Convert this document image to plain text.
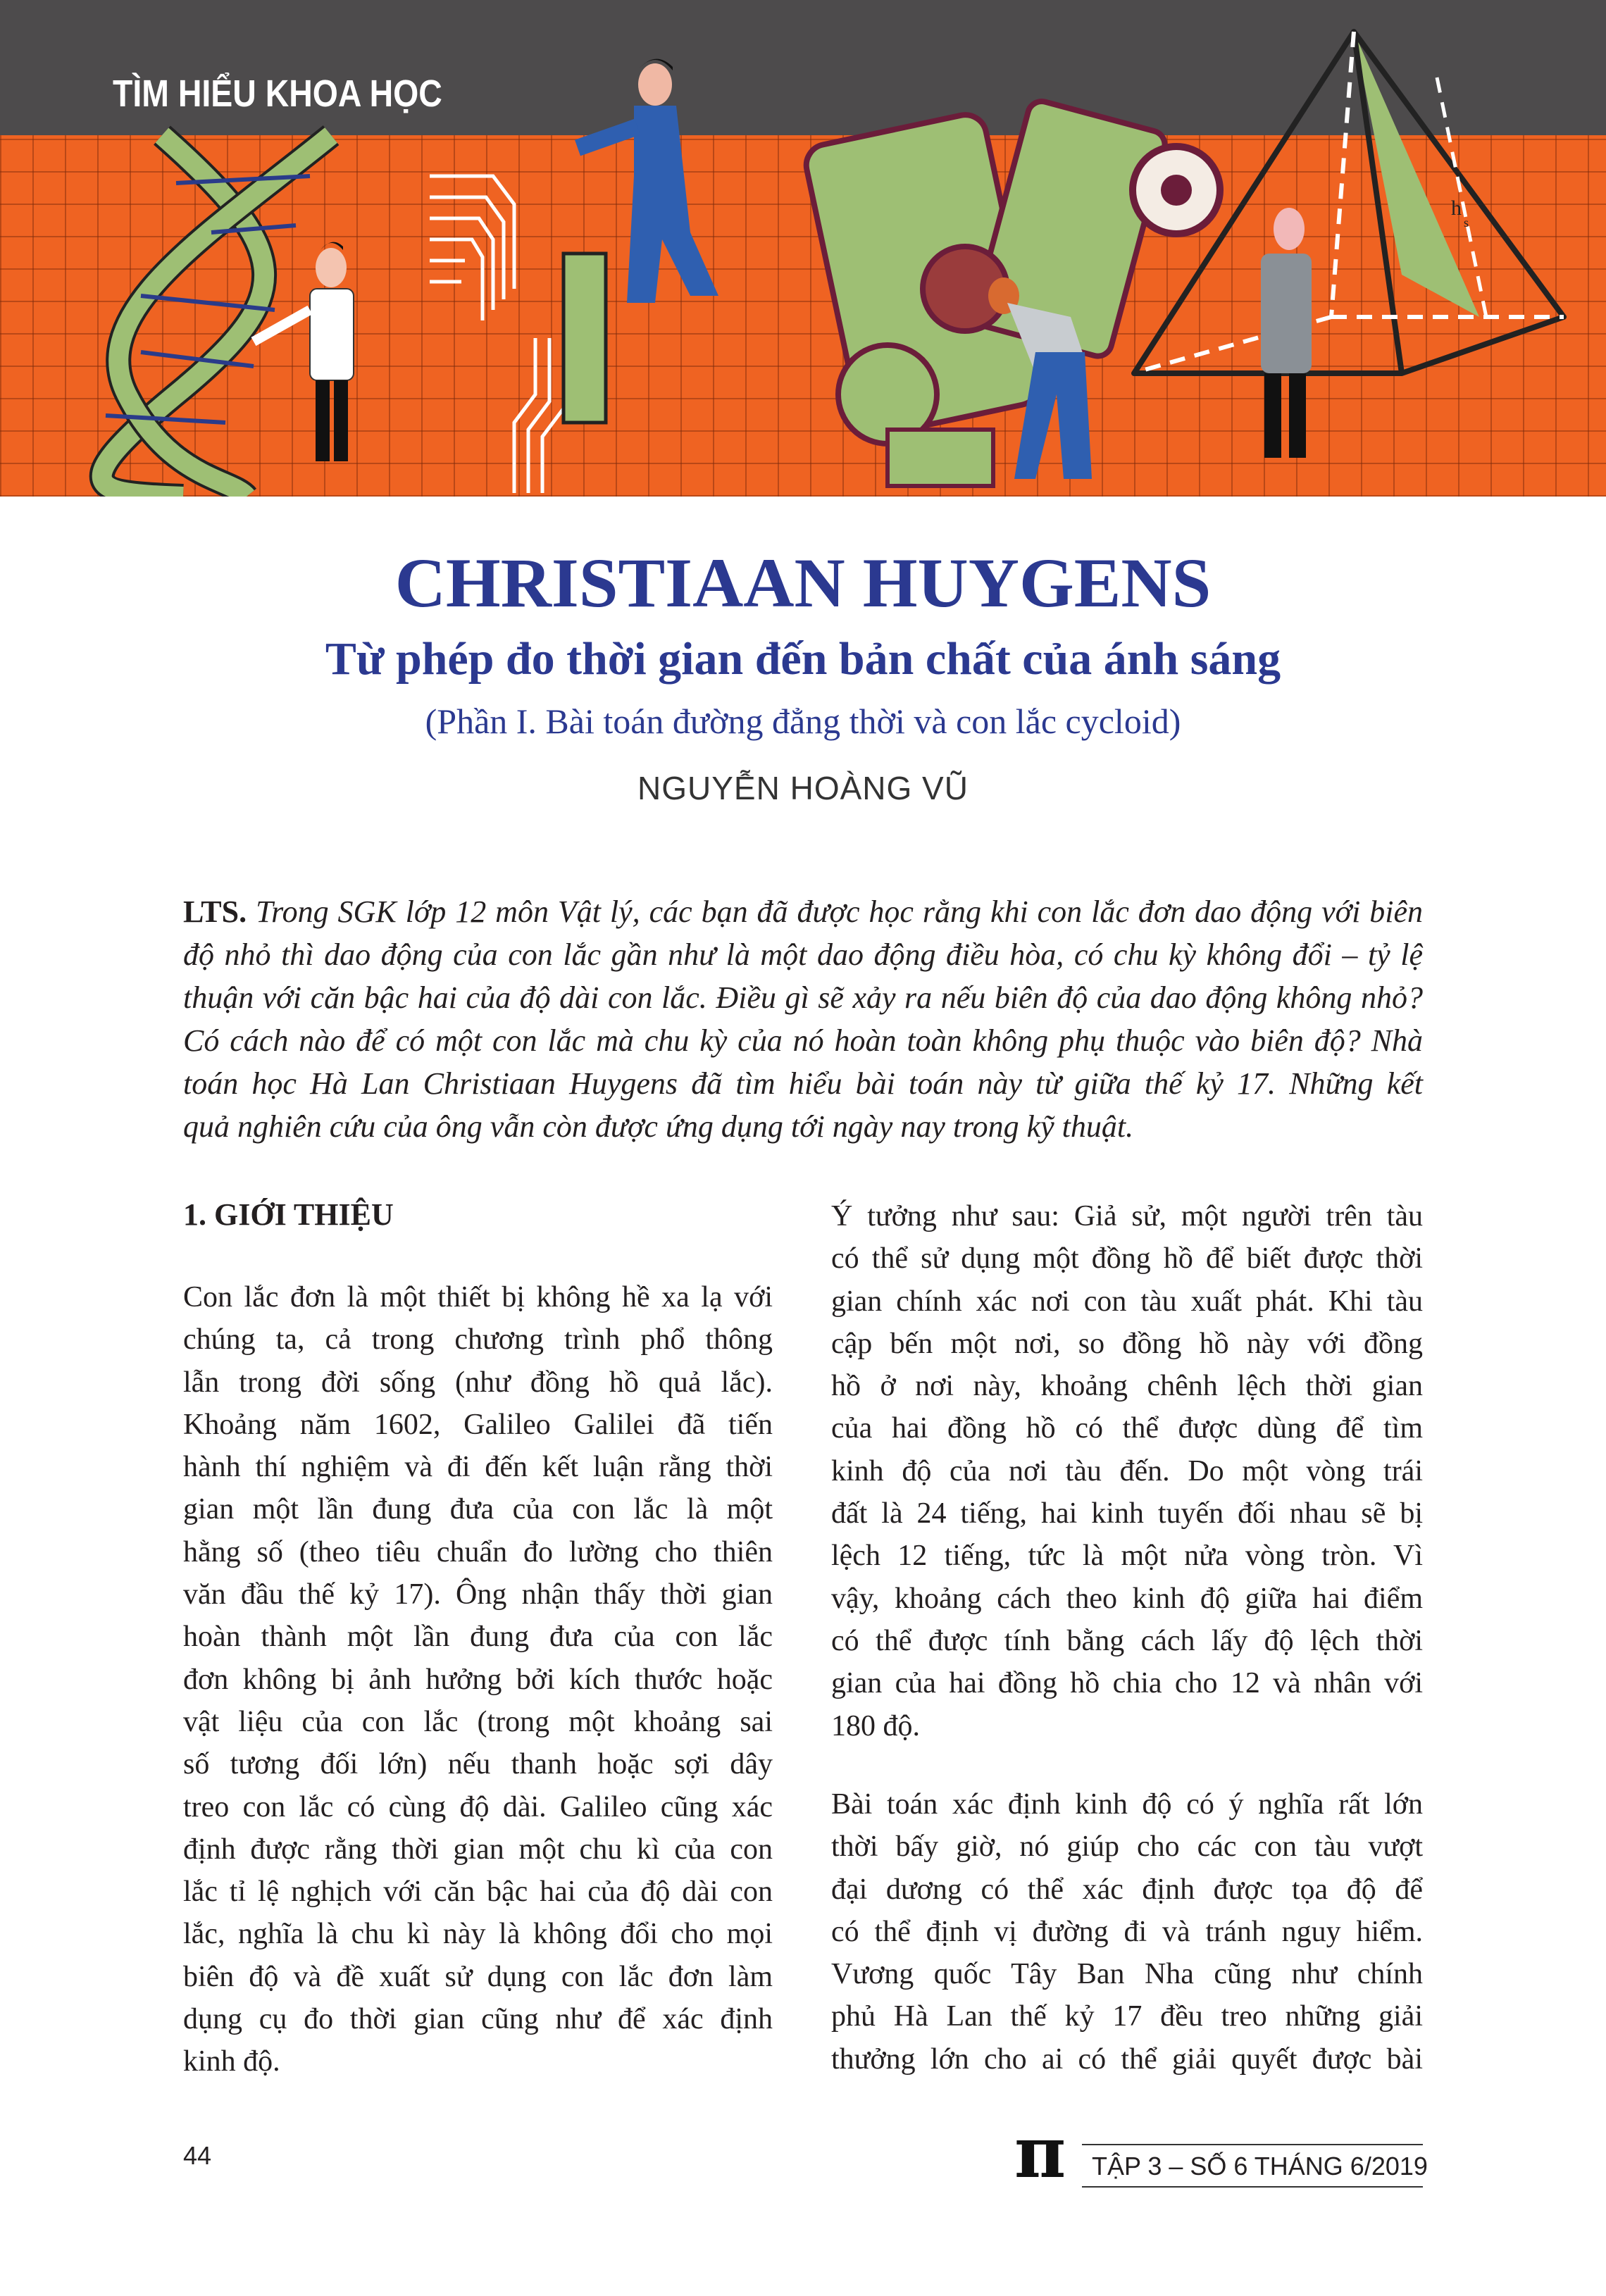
h
s
TÌM HIỂU KHOA HỌC
CHRISTIAAN HUYGENS
Từ phép đo thời gian đến bản chất của ánh sáng
(Phần I. Bài toán đường đẳng thời và con lắc cycloid)
NGUYỄN HOÀNG VŨ
LTS. Trong SGK lớp 12 môn Vật lý, các bạn đã được học rằng khi con lắc đơn dao động với biên
độ nhỏ thì dao động của con lắc gần như là một dao động điều hòa, có chu kỳ không đổi – tỷ lệ
thuận với căn bậc hai của độ dài con lắc. Điều gì sẽ xảy ra nếu biên độ của dao động không nhỏ?
Có cách nào để có một con lắc mà chu kỳ của nó hoàn toàn không phụ thuộc vào biên độ? Nhà
toán học Hà Lan Christiaan Huygens đã tìm hiểu bài toán này từ giữa thế kỷ 17. Những kết
quả nghiên cứu của ông vẫn còn được ứng dụng tới ngày nay trong kỹ thuật.
1. GIỚI THIỆU
Con lắc đơn là một thiết bị không hề xa lạ với
chúng ta, cả trong chương trình phổ thông
lẫn trong đời sống (như đồng hồ quả lắc).
Khoảng năm 1602, Galileo Galilei đã tiến
hành thí nghiệm và đi đến kết luận rằng thời
gian một lần đung đưa của con lắc là một
hằng số (theo tiêu chuẩn đo lường cho thiên
văn đầu thế kỷ 17). Ông nhận thấy thời gian
hoàn thành một lần đung đưa của con lắc
đơn không bị ảnh hưởng bởi kích thước hoặc
vật liệu của con lắc (trong một khoảng sai
số tương đối lớn) nếu thanh hoặc sợi dây
treo con lắc có cùng độ dài. Galileo cũng xác
định được rằng thời gian một chu kì của con
lắc tỉ lệ nghịch với căn bậc hai của độ dài con
lắc, nghĩa là chu kì này là không đổi cho mọi
biên độ và đề xuất sử dụng con lắc đơn làm
dụng cụ đo thời gian cũng như để xác định
kinh độ.
Ý tưởng như sau: Giả sử, một người trên tàu
có thể sử dụng một đồng hồ để biết được thời
gian chính xác nơi con tàu xuất phát. Khi tàu
cập bến một nơi, so đồng hồ này với đồng
hồ ở nơi này, khoảng chênh lệch thời gian
của hai đồng hồ có thể được dùng để tìm
kinh độ của nơi tàu đến. Do một vòng trái
đất là 24 tiếng, hai kinh tuyến đối nhau sẽ bị
lệch 12 tiếng, tức là một nửa vòng tròn. Vì
vậy, khoảng cách theo kinh độ giữa hai điểm
có thể được tính bằng cách lấy độ lệch thời
gian của hai đồng hồ chia cho 12 và nhân với
180 độ.
Bài toán xác định kinh độ có ý nghĩa rất lớn
thời bấy giờ, nó giúp cho các con tàu vượt
đại dương có thể xác định được tọa độ để
có thể định vị đường đi và tránh nguy hiểm.
Vương quốc Tây Ban Nha cũng như chính
phủ Hà Lan thế kỷ 17 đều treo những giải
thưởng lớn cho ai có thể giải quyết được bài
44	π TẬP 3 – SỐ 6 THÁNG 6/2019
